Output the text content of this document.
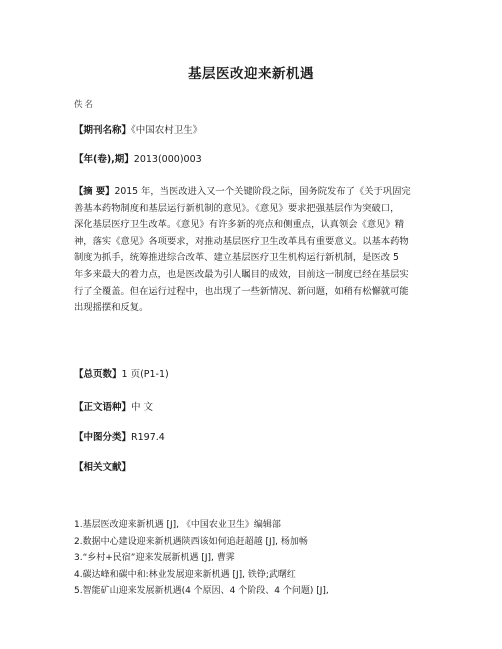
基层医改迎来新机遇
佚名
【期刊名称】《中国农村卫生》
【年(卷),期】2013(000)003
【摘 要】2015 年，当医改进入又一个关键阶段之际，国务院发布了《关于巩固完
善基本药物制度和基层运行新机制的意见》。《意见》要求把强基层作为突破口，
深化基层医疗卫生改革。《意见》有许多新的亮点和侧重点，认真领会《意见》精
神，落实《意见》各项要求，对推动基层医疗卫生改革具有重要意义。以基本药物
制度为抓手，统筹推进综合改革、建立基层医疗卫生机构运行新机制，是医改 5
年多来最大的着力点，也是医改最为引人瞩目的成效，目前这一制度已经在基层实
行了全覆盖。但在运行过程中，也出现了一些新情况、新问题，如稍有松懈就可能
出现摇摆和反复。
【总页数】1 页(P1-1)
【正文语种】中 文
【中图分类】R197.4
【相关文献】
1.基层医改迎来新机遇 [J], 《中国农业卫生》编辑部
2.数据中心建设迎来新机遇陕西该如何追赶超越 [J], 杨加畅
3.“乡村+民宿”迎来发展新机遇 [J], 曹霁
4.碳达峰和碳中和:林业发展迎来新机遇 [J], 铁铮;武曙红
5.智能矿山迎来发展新机遇(4 个原因、4 个阶段、4 个问题) [J],
